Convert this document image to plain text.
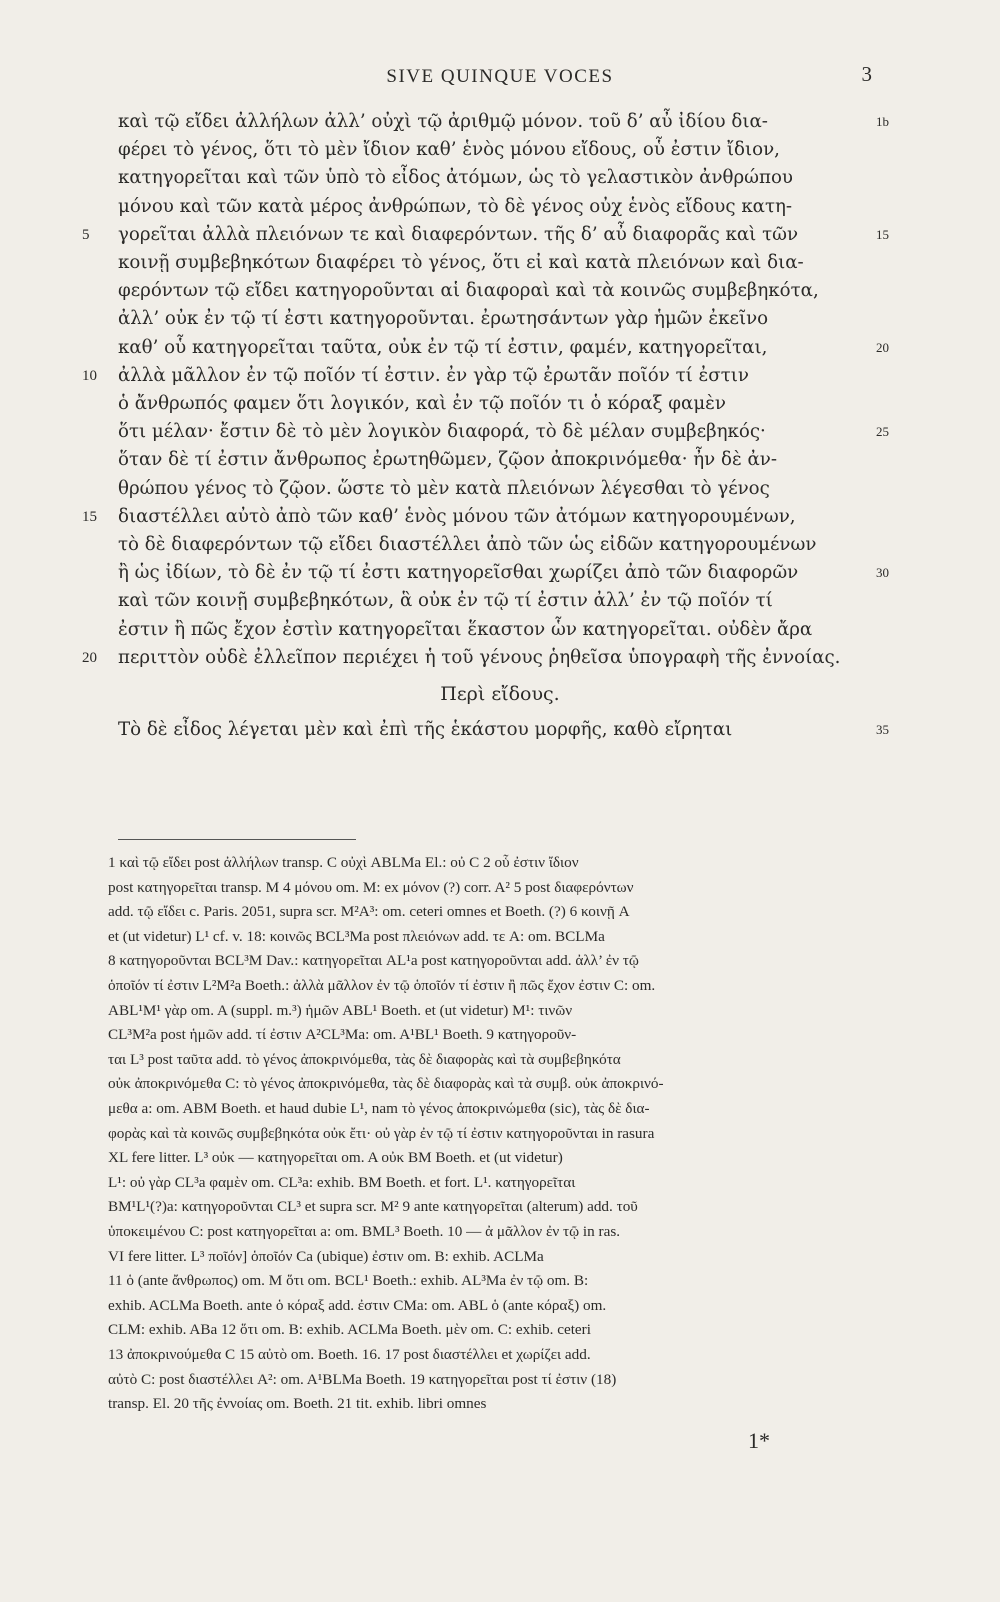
SIVE QUINQUE VOCES	3
καὶ τῷ εἴδει ἀλλήλων ἀλλ’ οὐχὶ τῷ ἀριθμῷ μόνον. τοῦ δ’ αὖ ἰδίου δια-	1b
φέρει τὸ γένος, ὅτι τὸ μὲν ἴδιον καθ’ ἑνὸς μόνου εἴδους, οὗ ἐστιν ἴδιον,
κατηγορεῖται καὶ τῶν ὑπὸ τὸ εἶδος ἀτόμων, ὡς τὸ γελαστικὸν ἀνθρώπου
μόνου καὶ τῶν κατὰ μέρος ἀνθρώπων, τὸ δὲ γένος οὐχ ἑνὸς εἴδους κατη-
5	γορεῖται ἀλλὰ πλειόνων τε καὶ διαφερόντων. τῆς δ’ αὖ διαφορᾶς καὶ τῶν	15
κοινῇ συμβεβηκότων διαφέρει τὸ γένος, ὅτι εἰ καὶ κατὰ πλειόνων καὶ δια-
φερόντων τῷ εἴδει κατηγοροῦνται αἱ διαφοραὶ καὶ τὰ κοινῶς συμβεβηκότα,
ἀλλ’ οὐκ ἐν τῷ τί ἐστι κατηγοροῦνται. ἐρωτησάντων γὰρ ἡμῶν ἐκεῖνο
καθ’ οὗ κατηγορεῖται ταῦτα, οὐκ ἐν τῷ τί ἐστιν, φαμέν, κατηγορεῖται,	20
10	ἀλλὰ μᾶλλον ἐν τῷ ποῖόν τί ἐστιν. ἐν γὰρ τῷ ἐρωτᾶν ποῖόν τί ἐστιν
ὁ ἄνθρωπός φαμεν ὅτι λογικόν, καὶ ἐν τῷ ποῖόν τι ὁ κόραξ φαμὲν
ὅτι μέλαν· ἔστιν δὲ τὸ μὲν λογικὸν διαφορά, τὸ δὲ μέλαν συμβεβηκός·	25
ὅταν δὲ τί ἐστιν ἄνθρωπος ἐρωτηθῶμεν, ζῷον ἀποκρινόμεθα· ἦν δὲ ἀν-
θρώπου γένος τὸ ζῷον. ὥστε τὸ μὲν κατὰ πλειόνων λέγεσθαι τὸ γένος
15	διαστέλλει αὐτὸ ἀπὸ τῶν καθ’ ἑνὸς μόνου τῶν ἀτόμων κατηγορουμένων,
τὸ δὲ διαφερόντων τῷ εἴδει διαστέλλει ἀπὸ τῶν ὡς εἰδῶν κατηγορουμένων
ἢ ὡς ἰδίων, τὸ δὲ ἐν τῷ τί ἐστι κατηγορεῖσθαι χωρίζει ἀπὸ τῶν διαφορῶν	30
καὶ τῶν κοινῇ συμβεβηκότων, ἃ οὐκ ἐν τῷ τί ἐστιν ἀλλ’ ἐν τῷ ποῖόν τί
ἐστιν ἢ πῶς ἔχον ἐστὶν κατηγορεῖται ἕκαστον ὧν κατηγορεῖται. οὐδὲν ἄρα
20	περιττὸν οὐδὲ ἐλλεῖπον περιέχει ἡ τοῦ γένους ῥηθεῖσα ὑπογραφὴ τῆς ἐννοίας.
Περὶ εἴδους.
Τὸ δὲ εἶδος λέγεται μὲν καὶ ἐπὶ τῆς ἑκάστου μορφῆς, καθὸ εἴρηται	35
1 καὶ τῷ εἴδει post ἀλλήλων transp. C οὐχὶ ABLMa El.: οὐ C 2 οὗ ἐστιν ἴδιον
post κατηγορεῖται transp. M 4 μόνου om. M: ex μόνον (?) corr. A² 5 post διαφερόντων
add. τῷ εἴδει c. Paris. 2051, supra scr. M²A³: om. ceteri omnes et Boeth. (?) 6 κοινῇ A
et (ut videtur) L¹ cf. v. 18: κοινῶς BCL³Ma post πλειόνων add. τε A: om. BCLMa
8 κατηγοροῦνται BCL³M Dav.: κατηγορεῖται AL¹a post κατηγοροῦνται add. ἀλλ’ ἐν τῷ
ὁποῖόν τί ἐστιν L²M²a Boeth.: ἀλλὰ μᾶλλον ἐν τῷ ὁποῖόν τί ἐστιν ἢ πῶς ἔχον ἐστιν C: om.
ABL¹M¹ γὰρ om. A (suppl. m.³) ἡμῶν ABL¹ Boeth. et (ut videtur) M¹: τινῶν
CL³M²a post ἡμῶν add. τί ἐστιν A²CL³Ma: om. A¹BL¹ Boeth. 9 κατηγοροῦν-
ται L³ post ταῦτα add. τὸ γένος ἀποκρινόμεθα, τὰς δὲ διαφορὰς καὶ τὰ συμβεβηκότα
οὐκ ἀποκρινόμεθα C: τὸ γένος ἀποκρινόμεθα, τὰς δὲ διαφορὰς καὶ τὰ συμβ. οὐκ ἀποκρινό-
μεθα a: om. ABM Boeth. et haud dubie L¹, nam τὸ γένος ἀποκρινώμεθα (sic), τὰς δὲ δια-
φορὰς καὶ τὰ κοινῶς συμβεβηκότα οὐκ ἔτι· οὐ γὰρ ἐν τῷ τί ἐστιν κατηγοροῦνται in rasura
XL fere litter. L³ οὐκ — κατηγορεῖται om. A οὐκ BM Boeth. et (ut videtur)
L¹: οὐ γὰρ CL³a φαμὲν om. CL³a: exhib. BM Boeth. et fort. L¹. κατηγορεῖται
BM¹L¹(?)a: κατηγοροῦνται CL³ et supra scr. M² 9 ante κατηγορεῖται (alterum) add. τοῦ
ὑποκειμένου C: post κατηγορεῖται a: om. BML³ Boeth. 10 — ἀ μᾶλλον ἐν τῷ in ras.
VI fere litter. L³ ποῖόν] ὁποῖόν Ca (ubique) ἐστιν om. B: exhib. ACLMa
11 ὁ (ante ἄνθρωπος) om. M ὅτι om. BCL¹ Boeth.: exhib. AL³Ma ἐν τῷ om. B:
exhib. ACLMa Boeth. ante ὁ κόραξ add. ἐστιν CMa: om. ABL ὁ (ante κόραξ) om.
CLM: exhib. ABa 12 ὅτι om. B: exhib. ACLMa Boeth. μὲν om. C: exhib. ceteri
13 ἀποκρινούμεθα C 15 αὐτὸ om. Boeth. 16. 17 post διαστέλλει et χωρίζει add.
αὐτὸ C: post διαστέλλει A²: om. A¹BLMa Boeth. 19 κατηγορεῖται post τί ἐστιν (18)
transp. El. 20 τῆς ἐννοίας om. Boeth. 21 tit. exhib. libri omnes
1*
